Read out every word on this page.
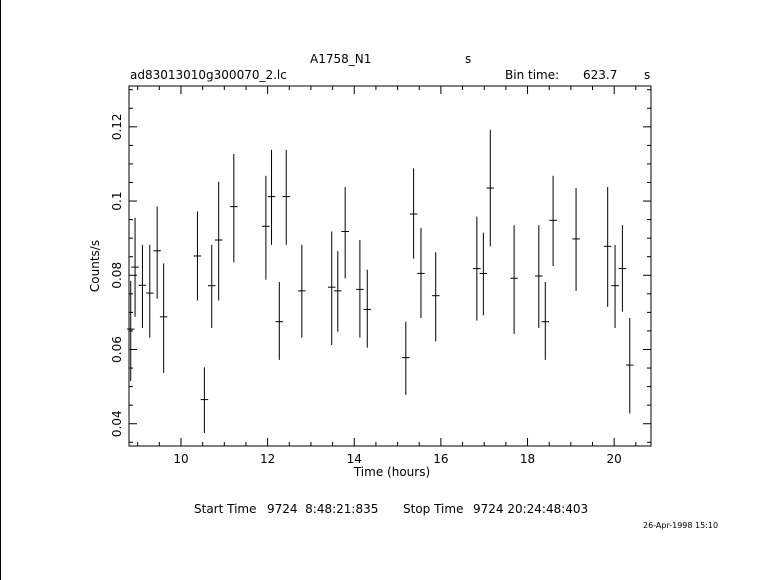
A1758_N1	s
ad83013010g300070_2.lc	Bin time: 623.7 s
10	12	14	16	18	20
0.04
0.06
0.08
0.1
0.12
Time (hours)
Counts/s
Start Time 9724  8:48:21:835 Stop Time 9724 20:24:48:403
26-Apr-1998 15:10
